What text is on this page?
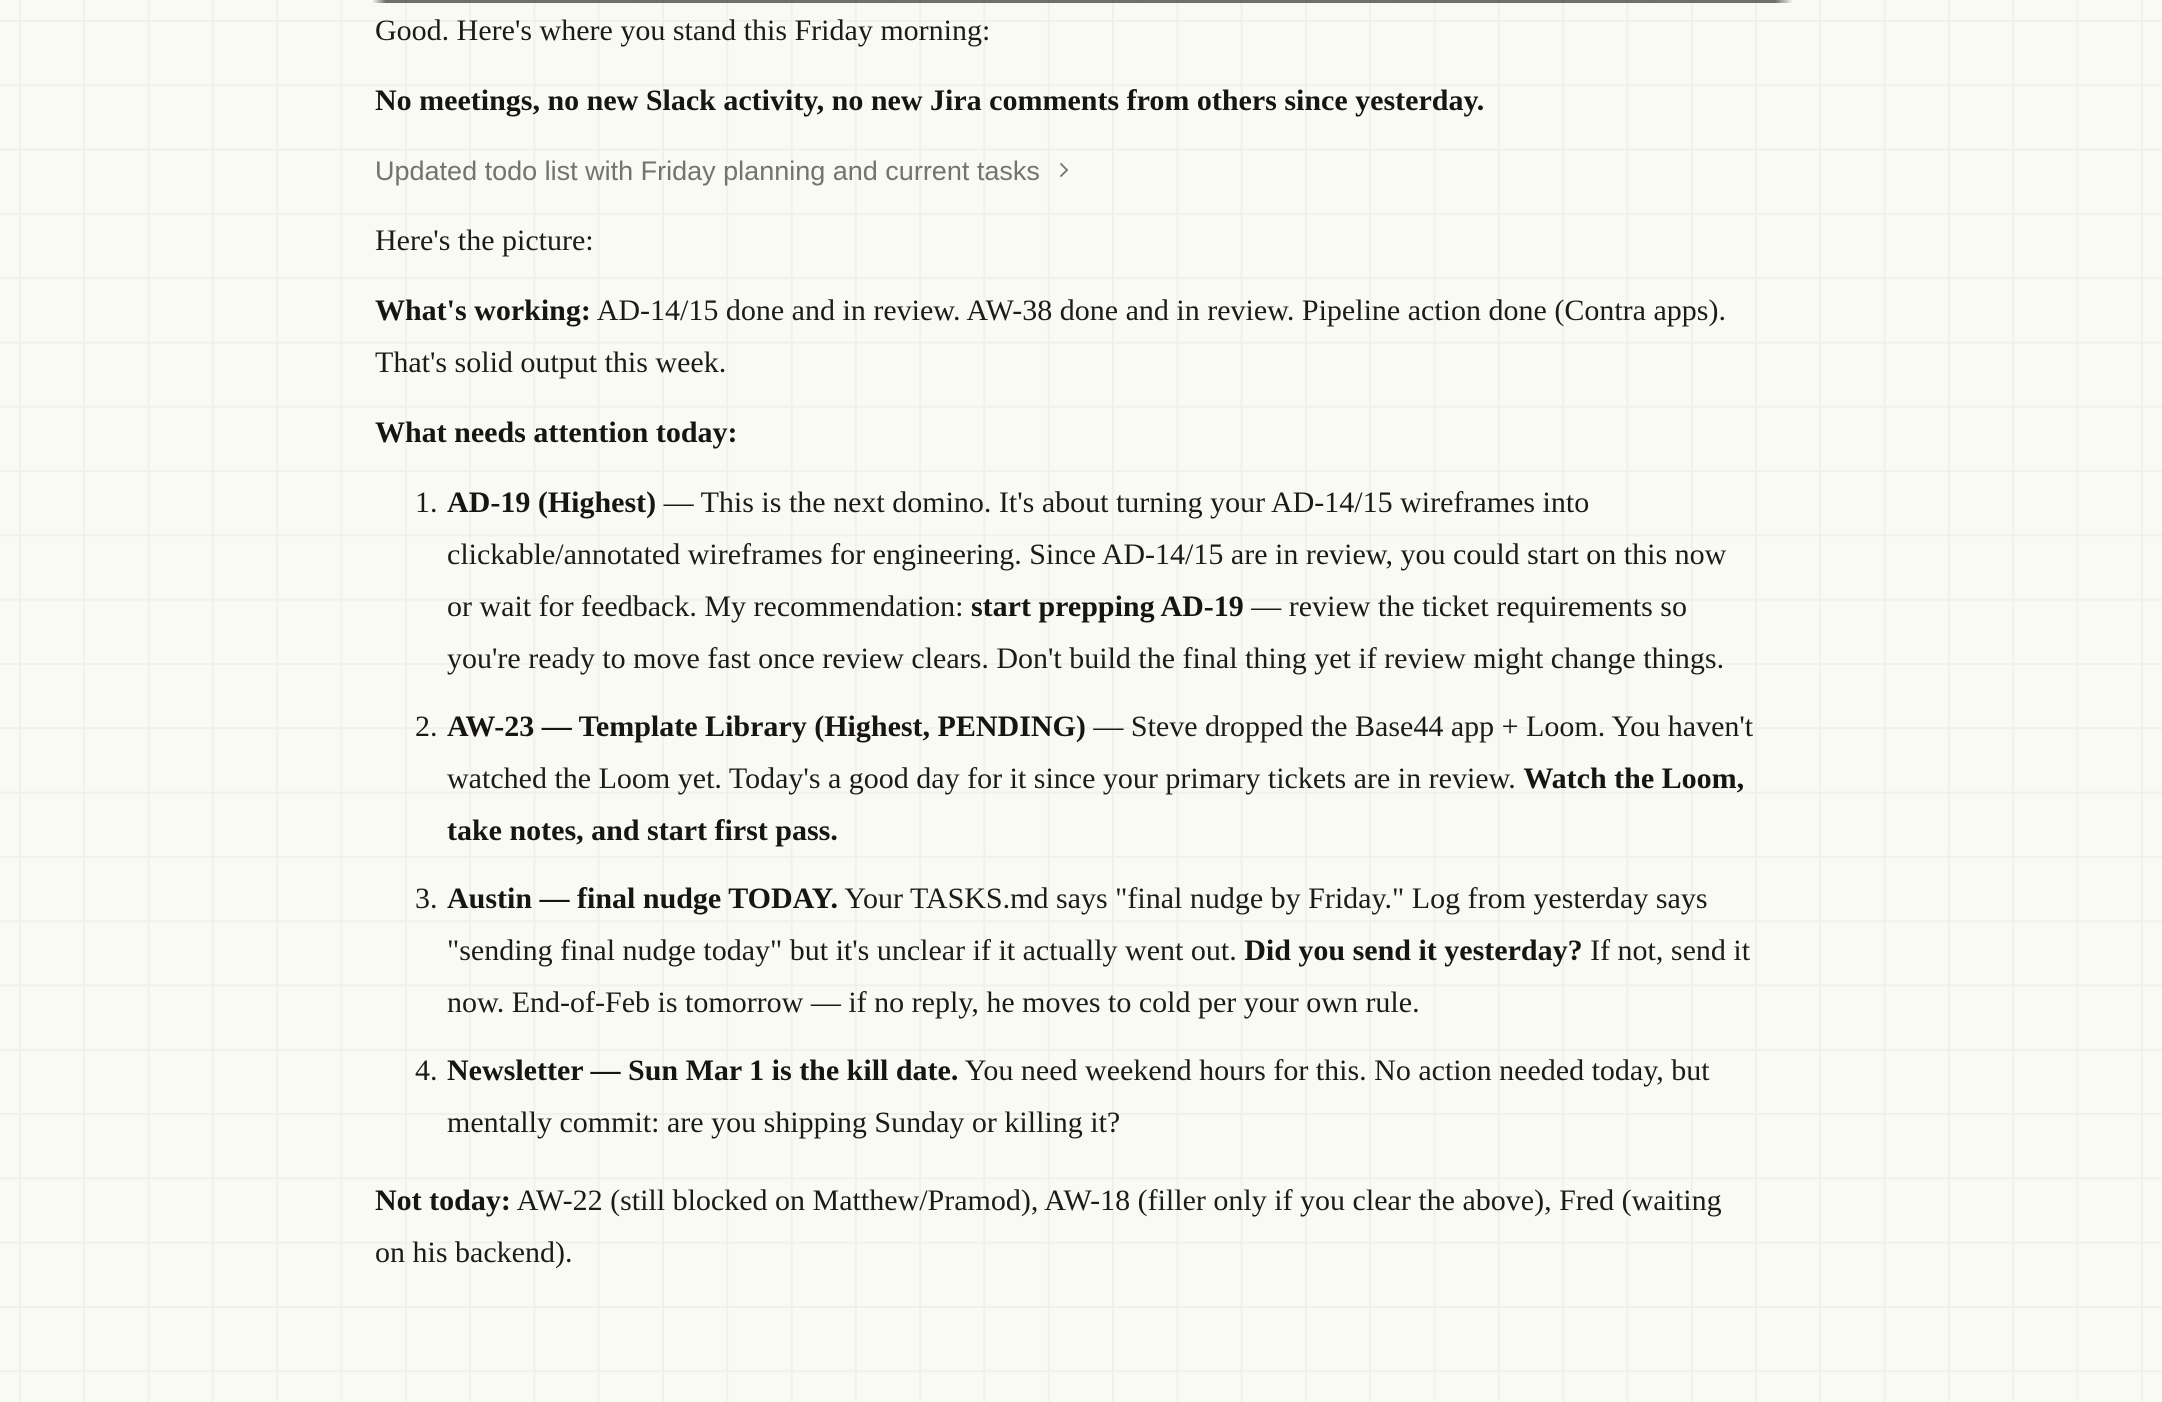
Good. Here's where you stand this Friday morning:

No meetings, no new Slack activity, no new Jira comments from others since yesterday.

Updated todo list with Friday planning and current tasks

Here's the picture:

What's working: AD-14/15 done and in review. AW-38 done and in review. Pipeline action done (Contra apps). That's solid output this week.

What needs attention today:

1. AD-19 (Highest) — This is the next domino. It's about turning your AD-14/15 wireframes into clickable/annotated wireframes for engineering. Since AD-14/15 are in review, you could start on this now or wait for feedback. My recommendation: start prepping AD-19 — review the ticket requirements so you're ready to move fast once review clears. Don't build the final thing yet if review might change things.
2. AW-23 — Template Library (Highest, PENDING) — Steve dropped the Base44 app + Loom. You haven't watched the Loom yet. Today's a good day for it since your primary tickets are in review. Watch the Loom, take notes, and start first pass.
3. Austin — final nudge TODAY. Your TASKS.md says "final nudge by Friday." Log from yesterday says "sending final nudge today" but it's unclear if it actually went out. Did you send it yesterday? If not, send it now. End-of-Feb is tomorrow — if no reply, he moves to cold per your own rule.
4. Newsletter — Sun Mar 1 is the kill date. You need weekend hours for this. No action needed today, but mentally commit: are you shipping Sunday or killing it?

Not today: AW-22 (still blocked on Matthew/Pramod), AW-18 (filler only if you clear the above), Fred (waiting on his backend).
